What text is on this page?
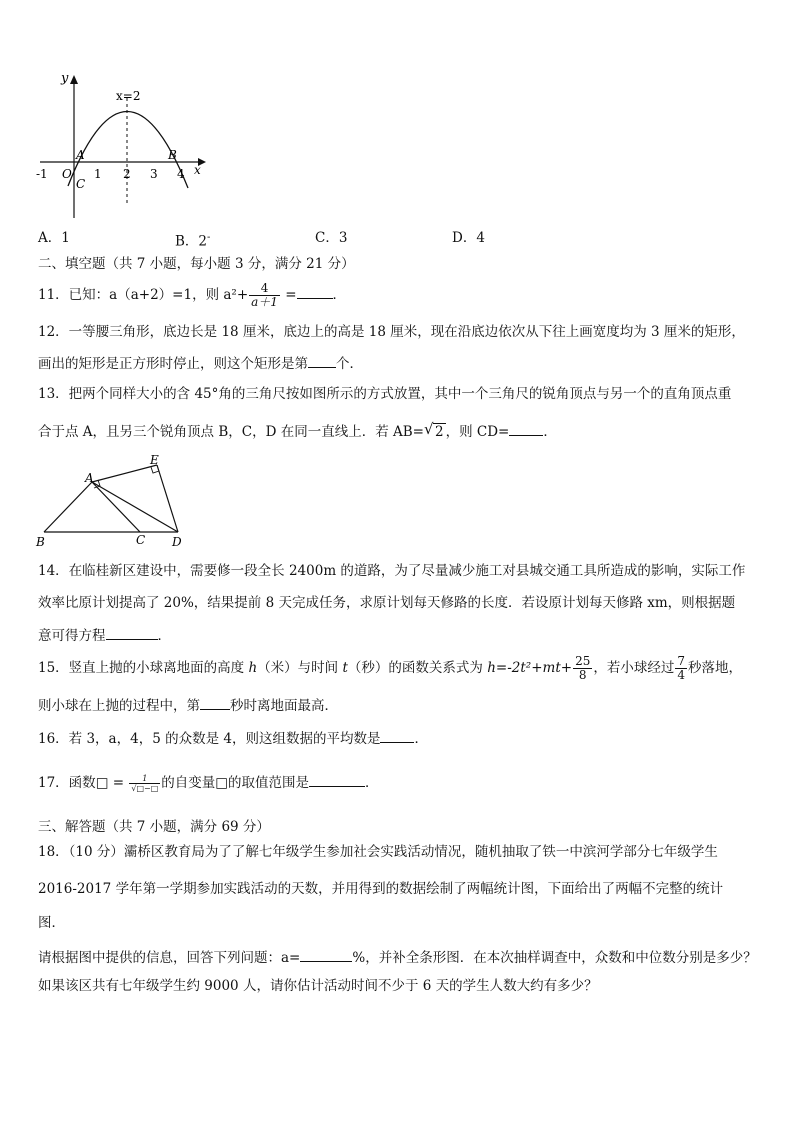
y
x
x=2
A	B
C
O
-1	1 2 3 4
A．1	B．2-	C．3	D．4
二、填空题（共 7 小题，每小题 3 分，满分 21 分）
11．已知：a（a+2）=1，则 $a^2+ \frac{4}{a+1}$ =	．
12．一等腰三角形，底边长是 18 厘米，底边上的高是 18 厘米，现在沿底边依次从下往上画宽度均为 3 厘米的矩形，
画出的矩形是正方形时停止，则这个矩形是第 个．
13．把两个同样大小的含 45°角的三角尺按如图所示的方式放置，其中一个三角尺的锐角顶点与另一个的直角顶点重
合于点 A，且另三个锐角顶点 B，C，D 在同一直线上．若 AB= √ 2 ，则 CD=	．
A
B	C D
E
14．在临桂新区建设中，需要修一段全长 2400m 的道路，为了尽量减少施工对县城交通工具所造成的影响，实际工作
效率比原计划提高了 20%，结果提前 8 天完成任务，求原计划每天修路的长度．若设原计划每天修路 xm，则根据题
意可得方程	．
15．竖直上抛的小球离地面的高度 h（米）与时间 t（秒）的函数关系式为 $h=-2t^2+mt+ \frac{25}{8}$ ，若小球经过 $\frac{7}{4}$ 秒落地，
则小球在上抛的过程中，第 秒时离地面最高．
16．若 3，a，4，5 的众数是 4，则这组数据的平均数是	．
17．函数□ = $\frac{1}{√□-□}$ 的自变量□的取值范围是	．
三、解答题（共 7 小题，满分 69 分）
18．（10 分）灞桥区教育局为了了解七年级学生参加社会实践活动情况，随机抽取了铁一中滨河学部分七年级学生
2016-2017 学年第一学期参加实践活动的天数，并用得到的数据绘制了两幅统计图，下面给出了两幅不完整的统计
图．
请根据图中提供的信息，回答下列问题：a=	%，并补全条形图．在本次抽样调查中，众数和中位数分别是多少？
如果该区共有七年级学生约 9000 人，请你估计活动时间不少于 6 天的学生人数大约有多少？
